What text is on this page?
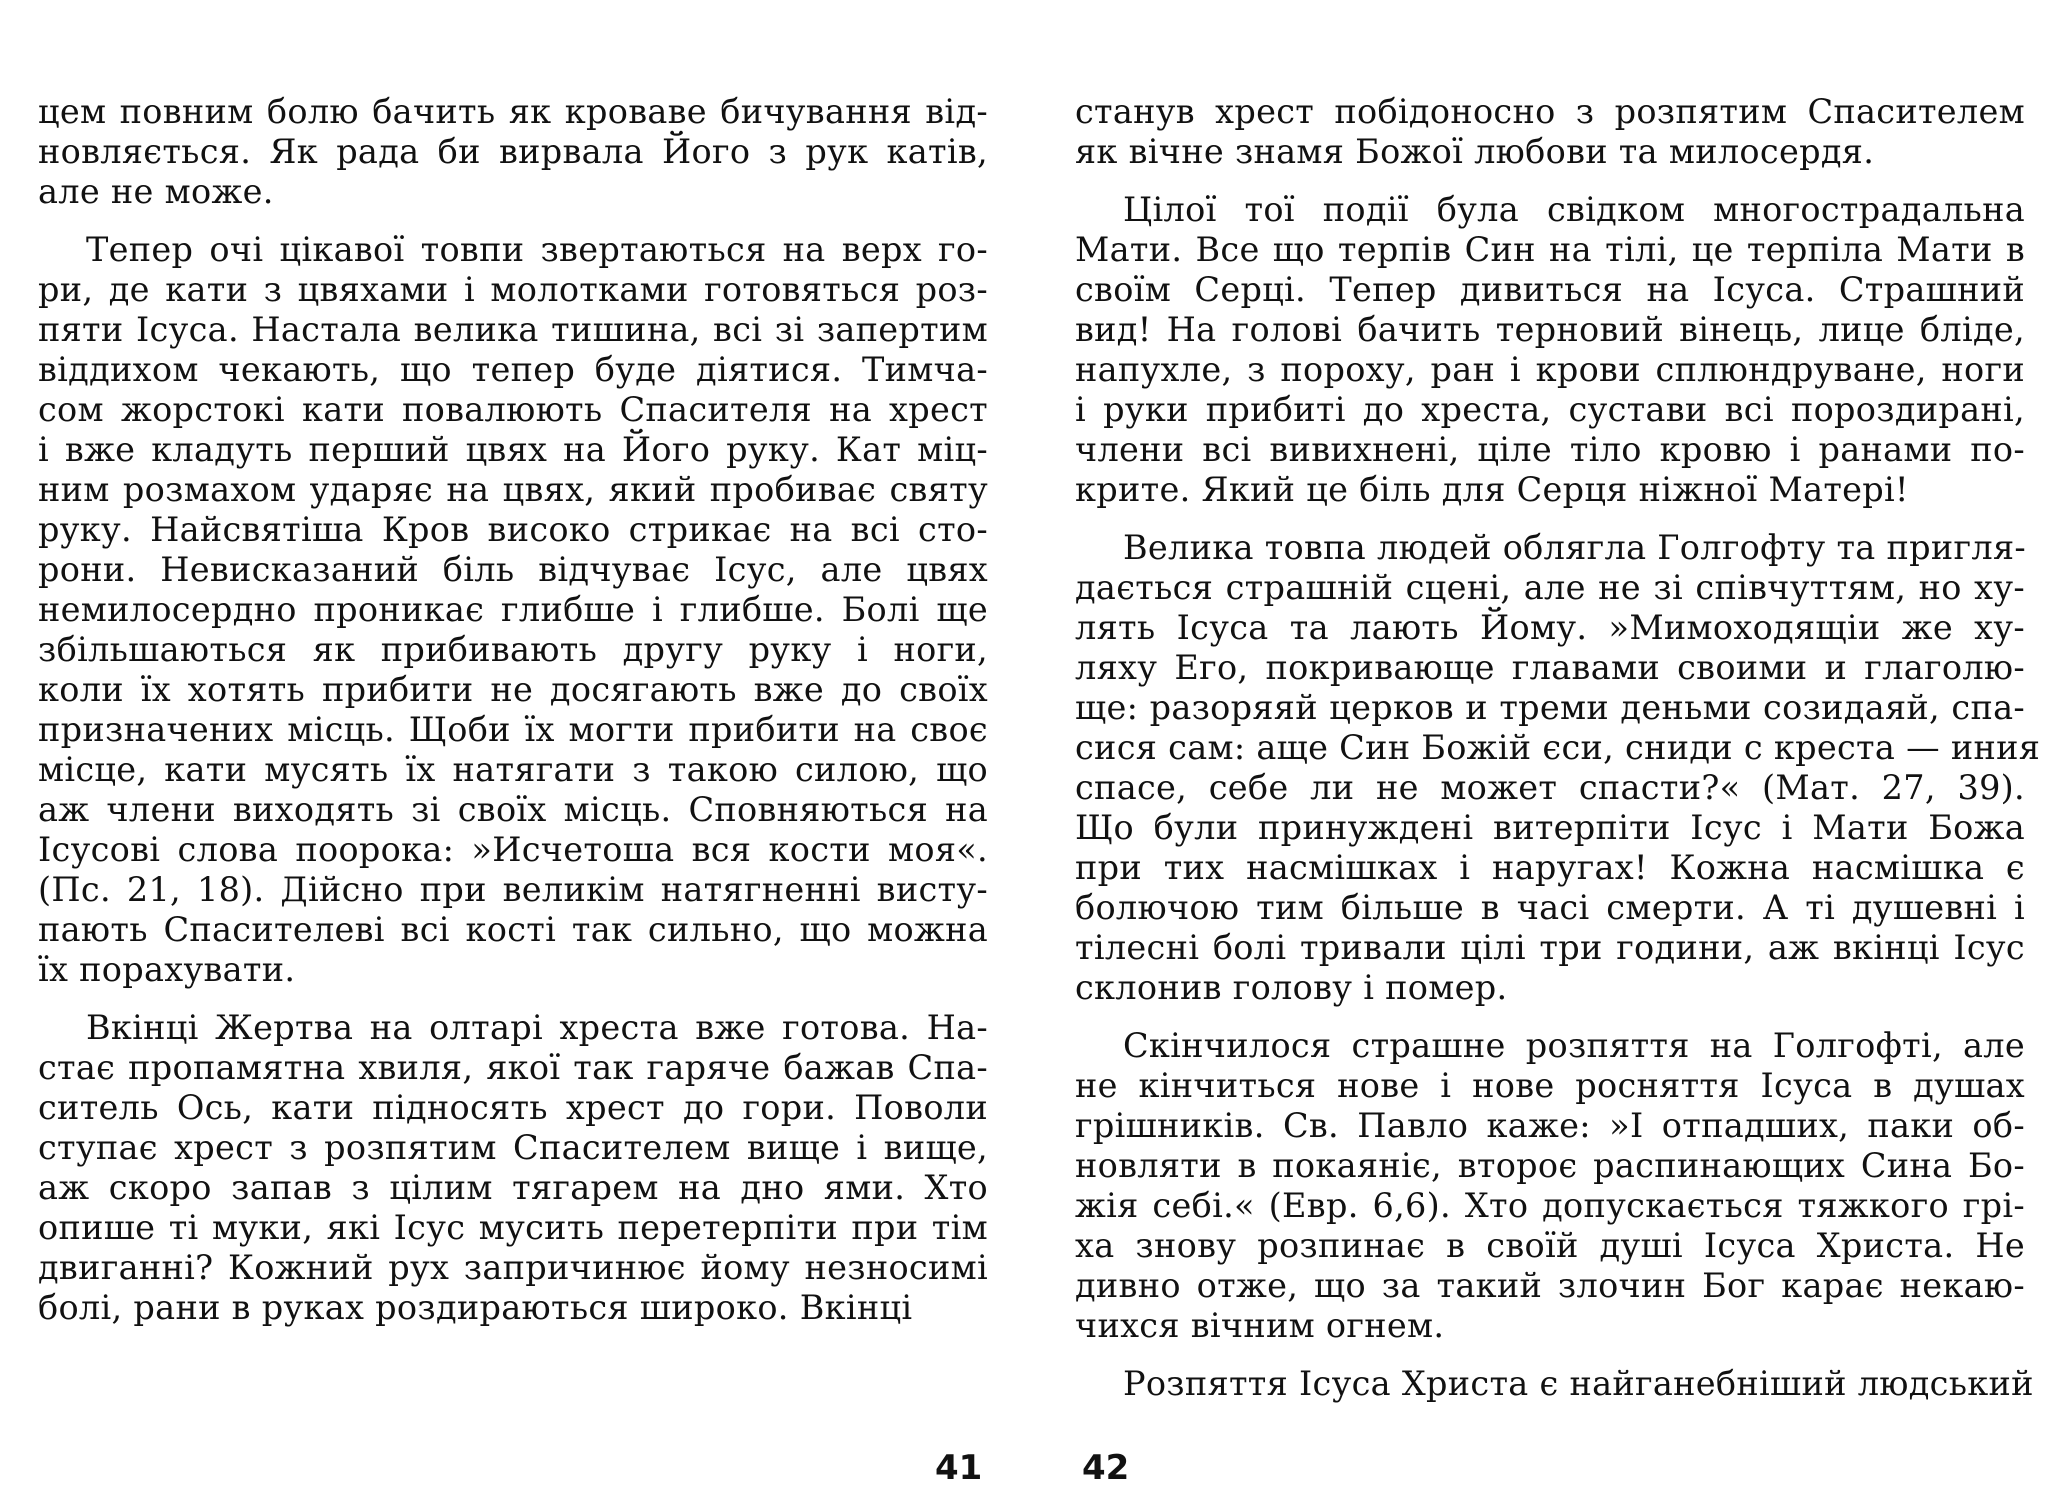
цем повним болю бачить як крoваве бичування від-
новляється. Як рада би вирвала Його з рук катів,
але не може.
Тепер очі цікавої товпи звертаються на верх го-
ри, де кати з цвяхами і молотками готовяться роз-
пяти Ісуса. Настала велика тишина, всі зі запертим
віддихом чекають, що тепер буде діятися. Тимча-
сом жорстокі кати повалюють Спасителя на хрест
і вже кладуть перший цвях на Його руку. Кат міц-
ним розмахом ударяє на цвях, який пробиває святу
руку. Найсвятіша Кров високо стрикає на всі сто-
рони. Невисказаний біль відчуває Ісус, але цвях
немилосердно проникає глибше і глибше. Болі ще
збільшаються як прибивають другу руку і ноги,
коли їх хотять прибити не досягають вже до своїх
призначених місць. Щоби їх могти прибити на своє
місце, кати мусять їх натягати з такою силою, що
аж члени виходять зі своїх місць. Сповняються на
Ісусові слова поорока: »Исчетоша вся кости моя«.
(Пс. 21, 18). Дійсно при великім натягненні висту-
пають Спасителеві всі кості так сильно, що можна
їх порахувати.
Вкінці Жертва на олтарі хреста вже готова. На-
стає пропамятна хвиля, якої так гаряче бажав Спа-
ситель Ось, кати підносять хрест до гори. Поволи
ступає хрест з розпятим Спасителем вище і вище,
аж скоро запав з цілим тягарем на дно ями. Хто
опише ті муки, які Ісус мусить перетерпіти при тім
двиганні? Кожний рух запричинює йому незносимі
болі, рани в руках роздираються широко. Вкінці
станув хрест побідоносно з розпятим Спасителем
як вічне знамя Божої любови та милосердя.
Цілої тої події була свідком многострадальна
Мати. Все що терпів Син на тілі, це терпіла Мати в
своїм Серці. Тепер дивиться на Ісуса. Страшний
вид! На голові бачить терновий вінець, лице бліде,
напухле, з пороху, ран і крови сплюндруване, ноги
і руки прибиті до хреста, сустави всі пороздирані,
члени всі вивихнені, ціле тіло кровю і ранами по-
крите. Який це біль для Серця ніжної Матері!
Велика товпа людей облягла Голгофту та пригля-
дається страшній сцені, але не зі співчуттям, но ху-
лять Ісуса та лають Йому. »Мимоходящіи же ху-
ляху Его, покривающе главами своими и глаголю-
ще: разоряяй церков и треми деньми созидаяй, спа-
сися сам: аще Син Божій єси, сниди с креста — иния
спасе, себе ли не может спасти?« (Мат. 27, 39).
Що були принуждені витерпіти Ісус і Мати Божа
при тих насмішках і наругах! Кожна насмішка є
болючою тим більше в часі смерти. А ті душевні і
тілесні болі тривали цілі три години, аж вкінці Ісус
склонив голову і помер.
Скінчилося страшне розпяття на Голгофті, але
не кінчиться нове і нове росняття Ісуса в душах
грішників. Св. Павло каже: »І отпадших, паки об-
новляти в покаяніє, второє распинающих Сина Бо-
жія себі.« (Евр. 6,6). Хто допускається тяжкого грі-
ха знову розпинає в своїй душі Ісуса Христа. Не
дивно отже, що за такий злочин Бог карає некаю-
чихся вічним огнем.
Розпяття Ісуса Христа є найганебніший людський
41	42
